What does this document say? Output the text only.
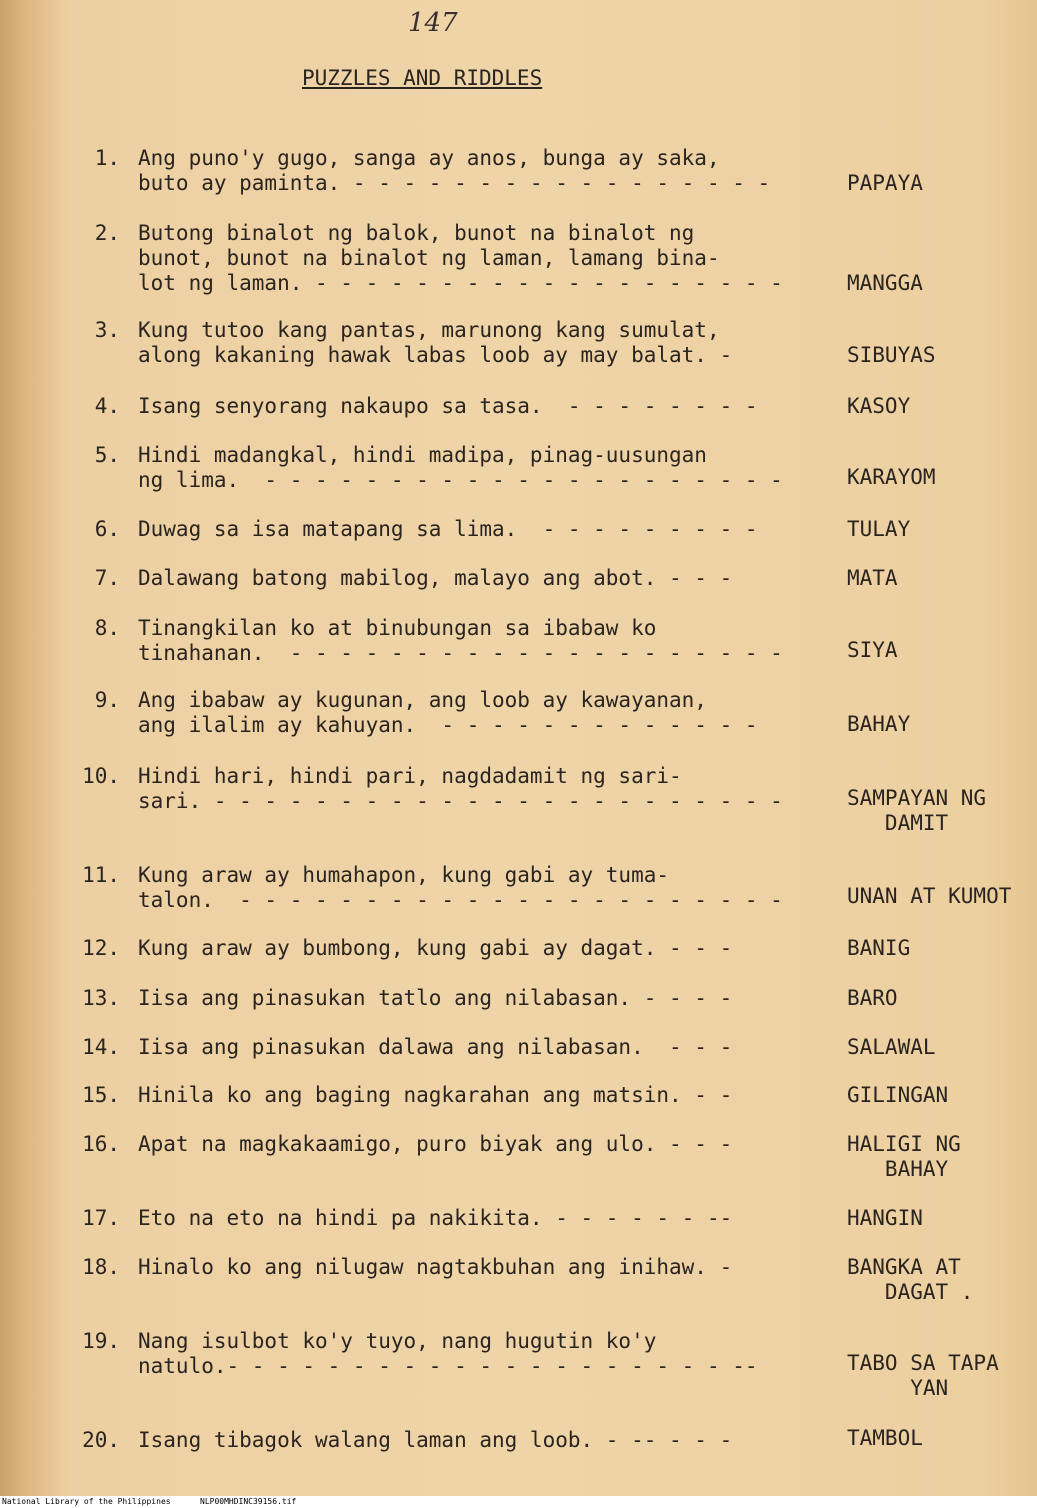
147
PUZZLES AND RIDDLES
1. Ang puno'y gugo, sanga ay anos, bunga ay saka,
buto ay paminta. - - - - - - - - - - - - - - - - -	PAPAYA
2. Butong binalot ng balok, bunot na binalot ng
bunot, bunot na binalot ng laman, lamang bina-
lot ng laman. - - - - - - - - - - - - - - - - - - -	MANGGA
3. Kung tutoo kang pantas, marunong kang sumulat,
along kakaning hawak labas loob ay may balat. -	SIBUYAS
4. Isang senyorang nakaupo sa tasa.  - - - - - - - -	KASOY
5. Hindi madangkal, hindi madipa, pinag-uusungan
ng lima.  - - - - - - - - - - - - - - - - - - - - -	KARAYOM
6. Duwag sa isa matapang sa lima.  - - - - - - - - -	TULAY
7. Dalawang batong mabilog, malayo ang abot. - - -	MATA
8. Tinangkilan ko at binubungan sa ibabaw ko
tinahanan.  - - - - - - - - - - - - - - - - - - - -	SIYA
9. Ang ibabaw ay kugunan, ang loob ay kawayanan,
ang ilalim ay kahuyan.  - - - - - - - - - - - - -	BAHAY
10. Hindi hari, hindi pari, nagdadamit ng sari-
sari. - - - - - - - - - - - - - - - - - - - - - - -	SAMPAYAN NG
DAMIT
11. Kung araw ay humahapon, kung gabi ay tuma-
talon.  - - - - - - - - - - - - - - - - - - - - - -	UNAN AT KUMOT
12. Kung araw ay bumbong, kung gabi ay dagat. - - -	BANIG
13. Iisa ang pinasukan tatlo ang nilabasan. - - - -	BARO
14. Iisa ang pinasukan dalawa ang nilabasan.  - - -	SALAWAL
15. Hinila ko ang baging nagkarahan ang matsin. - -	GILINGAN
16. Apat na magkakaamigo, puro biyak ang ulo. - - -	HALIGI NG
BAHAY
17. Eto na eto na hindi pa nakikita. - - - - - - --	HANGIN
18. Hinalo ko ang nilugaw nagtakbuhan ang inihaw. -	BANGKA AT
DAGAT .
19. Nang isulbot ko'y tuyo, nang hugutin ko'y
natulo.- - - - - - - - - - - - - - - - - - - - --	TABO SA TAPA
YAN
20. Isang tibagok walang laman ang loob. - -- - - -	TAMBOL
National Library of the Philippines	NLP00MHDINC39156.tif
